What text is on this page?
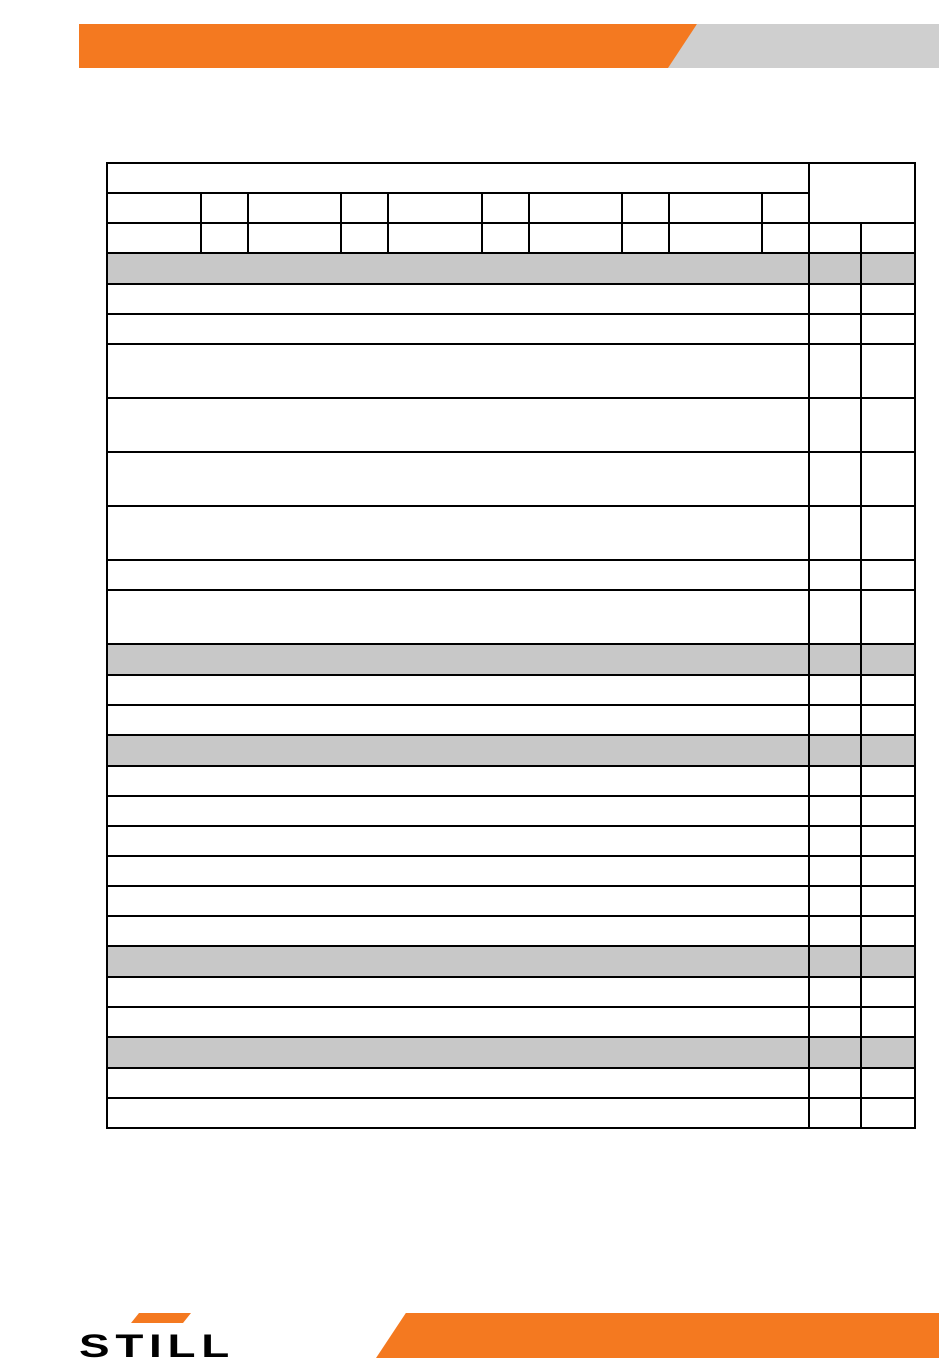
STILL
